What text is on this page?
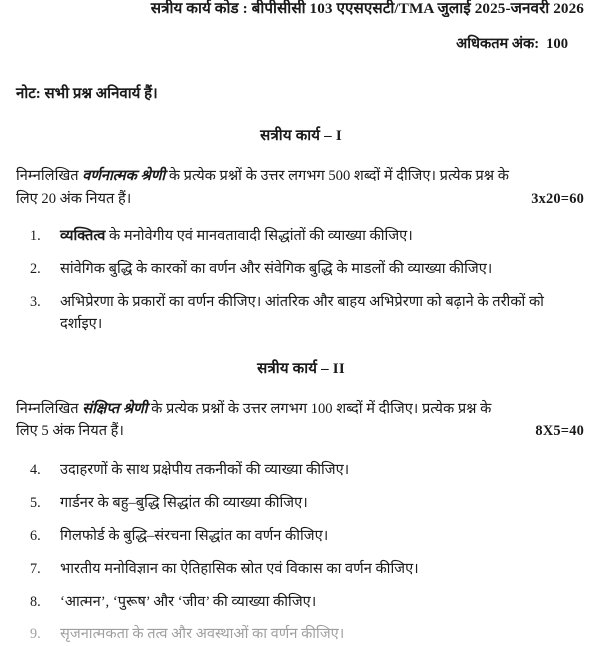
सत्रीय कार्य कोड : बीपीसीसी 103 एएसएसटी/TMA जुलाई 2025-जनवरी 2026
अधिकतम अंक: 100
नोट: सभी प्रश्न अनिवार्य हैं।
सत्रीय कार्य – I
निम्नलिखित वर्णनात्मक श्रेणी के प्रत्येक प्रश्नों के उत्तर लगभग 500 शब्दों में दीजिए। प्रत्येक प्रश्न के
लिए 20 अंक नियत हैं।	3x20=60
1.	व्यक्तित्व के मनोवेगीय एवं मानवतावादी सिद्धांतों की व्याख्या कीजिए।
2.	सांवेगिक बुद्धि के कारकों का वर्णन और संवेगिक बुद्धि के माडलों की व्याख्या कीजिए।
3.	अभिप्रेरणा के प्रकारों का वर्णन कीजिए। आंतरिक और बाहय अभिप्रेरणा को बढ़ाने के तरीकों को दर्शाइए।
सत्रीय कार्य – II
निम्नलिखित संक्षिप्त श्रेणी के प्रत्येक प्रश्नों के उत्तर लगभग 100 शब्दों में दीजिए। प्रत्येक प्रश्न के
लिए 5 अंक नियत हैं।	8X5=40
4.	उदाहरणों के साथ प्रक्षेपीय तकनीकों की व्याख्या कीजिए।
5.	गार्डनर के बहु–बुद्धि सिद्धांत की व्याख्या कीजिए।
6.	गिलफोर्ड के बुद्धि–संरचना सिद्धांत का वर्णन कीजिए।
7.	भारतीय मनोविज्ञान का ऐतिहासिक स्रोत एवं विकास का वर्णन कीजिए।
8.	‘आत्मन’, ‘पुरूष’ और ‘जीव’ की व्याख्या कीजिए।
9.	सृजनात्मकता के तत्व और अवस्थाओं का वर्णन कीजिए।
